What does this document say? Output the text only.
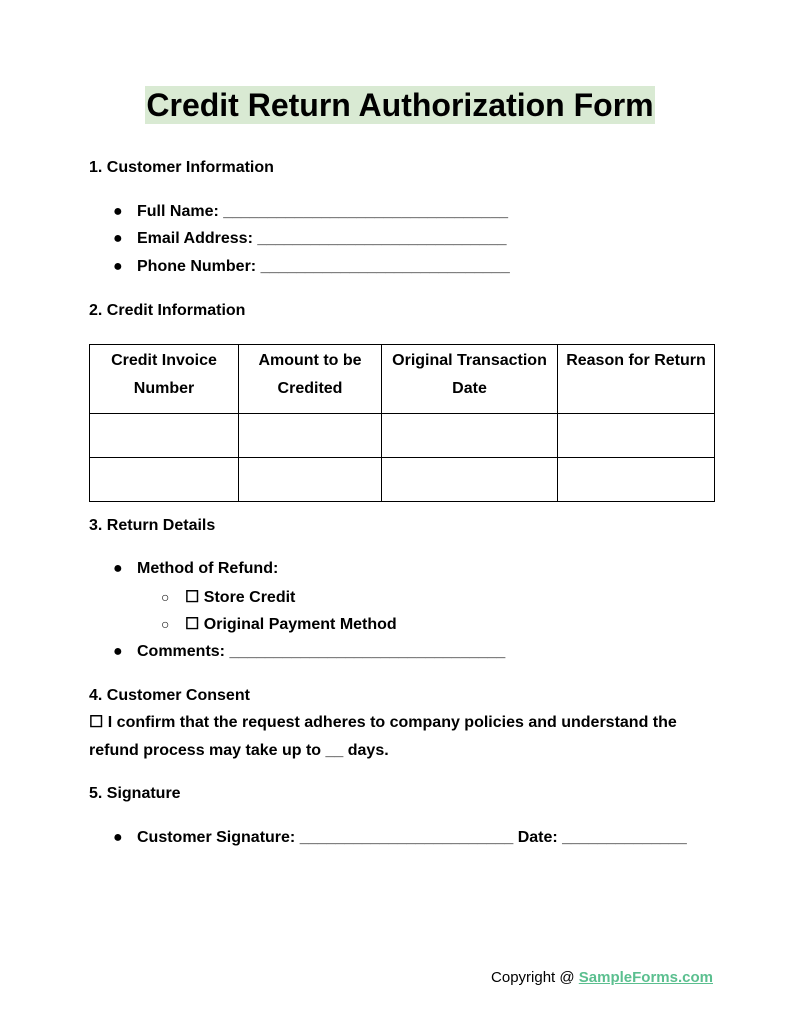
Credit Return Authorization Form
1. Customer Information
● Full Name: ________________________________
● Email Address: ____________________________
● Phone Number: ____________________________
2. Credit Information
Credit Invoice Number	Amount to be Credited	Original Transaction Date	Reason for Return

3. Return Details
● Method of Refund:
○ ☐ Store Credit
○ ☐ Original Payment Method
● Comments: _______________________________
4. Customer Consent
☐ I confirm that the request adheres to company policies and understand the refund process may take up to __ days.
5. Signature
● Customer Signature: ________________________ Date: ______________
Copyright @ SampleForms.com
